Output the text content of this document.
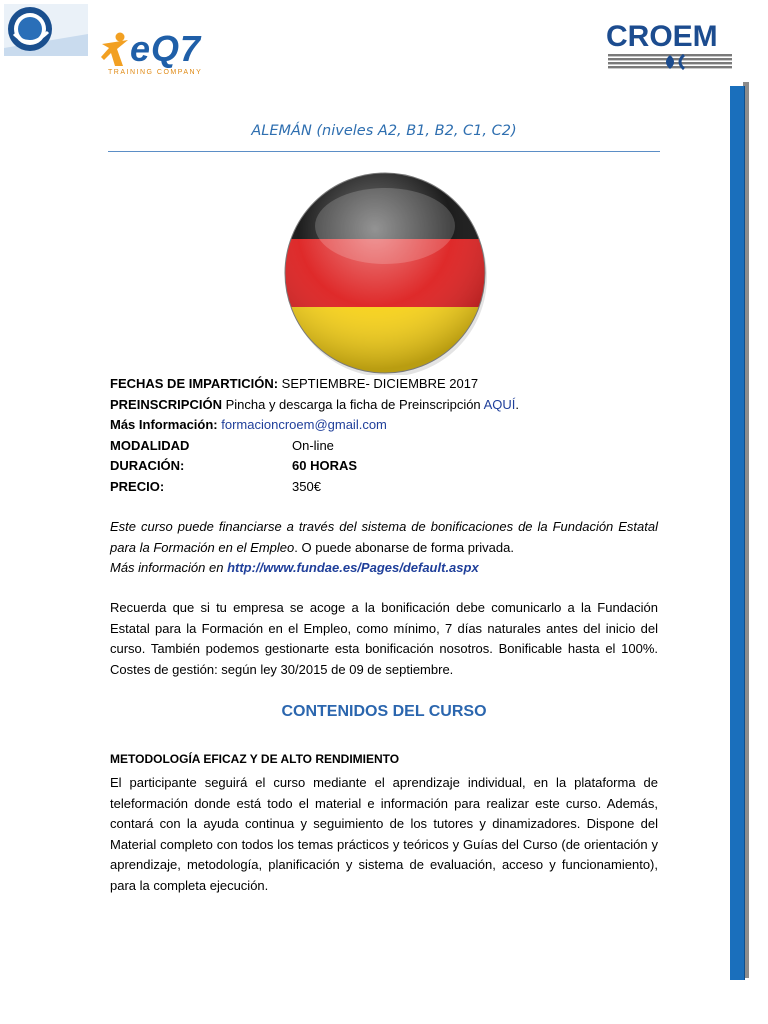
eQ7
TRAINING COMPANY
CROEM
ALEMÁN (niveles A2, B1, B2, C1, C2)
FECHAS DE IMPARTICIÓN: SEPTIEMBRE- DICIEMBRE 2017
PREINSCRIPCIÓN Pincha y descarga la ficha de Preinscripción AQUÍ.
Más Información: formacioncroem@gmail.com
MODALIDAD	On-line
DURACIÓN:	60 HORAS
PRECIO:	350€
Este curso puede financiarse a través del sistema de bonificaciones de la Fundación Estatal para la Formación en el Empleo. O puede abonarse de forma privada.
Más información en http://www.fundae.es/Pages/default.aspx
Recuerda que si tu empresa se acoge a la bonificación debe comunicarlo a la Fundación Estatal para la Formación en el Empleo, como mínimo, 7 días naturales antes del inicio del curso. También podemos gestionarte esta bonificación nosotros. Bonificable hasta el 100%. Costes de gestión: según ley 30/2015 de 09 de septiembre.
CONTENIDOS DEL CURSO
METODOLOGÍA EFICAZ Y DE ALTO RENDIMIENTO
El participante seguirá el curso mediante el aprendizaje individual, en la plataforma de teleformación donde está todo el material e información para realizar este curso. Además, contará con la ayuda continua y seguimiento de los tutores y dinamizadores. Dispone del Material completo con todos los temas prácticos y teóricos y Guías del Curso (de orientación y aprendizaje, metodología, planificación y sistema de evaluación, acceso y funcionamiento), para la completa ejecución.
